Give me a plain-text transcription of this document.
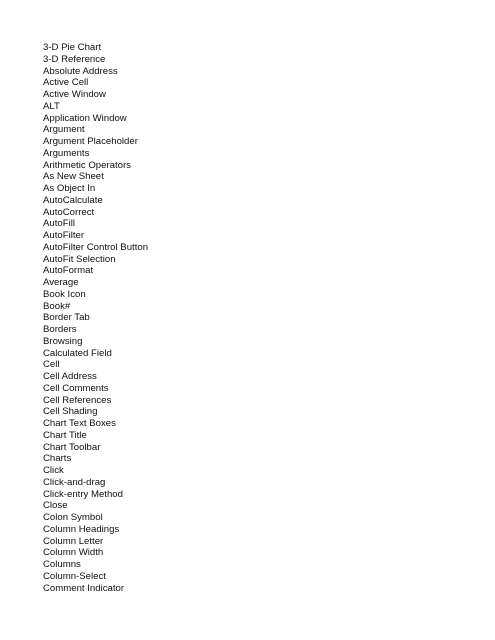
3-D Pie Chart
3-D Reference
Absolute Address
Active Cell
Active Window
ALT
Application Window
Argument
Argument Placeholder
Arguments
Arithmetic Operators
As New Sheet
As Object In
AutoCalculate
AutoCorrect
AutoFill
AutoFilter
AutoFilter Control Button
AutoFit Selection
AutoFormat
Average
Book Icon
Book#
Border Tab
Borders
Browsing
Calculated Field
Cell
Cell Address
Cell Comments
Cell References
Cell Shading
Chart Text Boxes
Chart Title
Chart Toolbar
Charts
Click
Click-and-drag
Click-entry Method
Close
Colon Symbol
Column Headings
Column Letter
Column Width
Columns
Column-Select
Comment Indicator
